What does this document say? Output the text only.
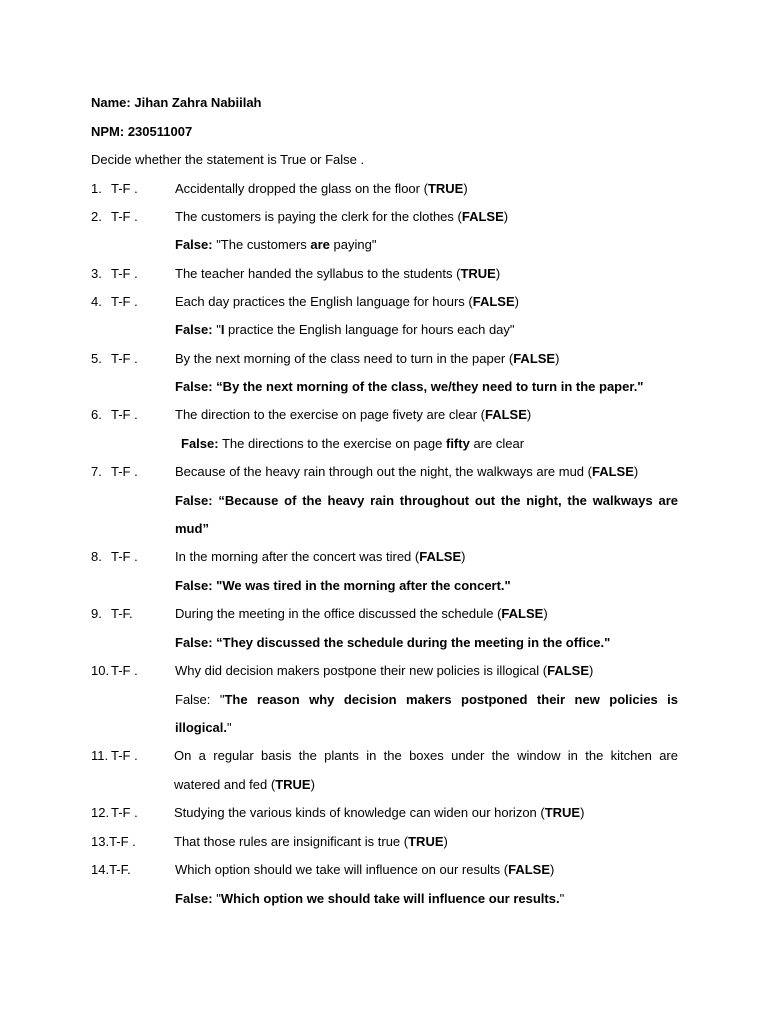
Name: Jihan Zahra Nabiilah
NPM: 230511007
Decide whether the statement is True or False .
1. T-F .	Accidentally dropped the glass on the floor (TRUE)
2. T-F .	The customers is paying the clerk for the clothes (FALSE)
False: "The customers are paying"
3. T-F .	The teacher handed the syllabus to the students (TRUE)
4. T-F .	Each day practices the English language for hours (FALSE)
False: "I practice the English language for hours each day"
5. T-F .	By the next morning of the class need to turn in the paper (FALSE)
False: “By the next morning of the class, we/they need to turn in the paper."
6. T-F .	The direction to the exercise on page fivety are clear (FALSE)
False: The directions to the exercise on page fifty are clear
7. T-F .	Because of the heavy rain through out the night, the walkways are mud (FALSE)
False: “Because of the heavy rain throughout out the night, the walkways are
mud”
8. T-F .	In the morning after the concert was tired (FALSE)
False: "We was tired in the morning after the concert."
9. T-F.	During the meeting in the office discussed the schedule (FALSE)
False: “They discussed the schedule during the meeting in the office."
10. T-F .	Why did decision makers postpone their new policies is illogical (FALSE)
False: "The reason why decision makers postponed their new policies is
illogical."
11. T-F .	On a regular basis the plants in the boxes under the window in the kitchen are
watered and fed (TRUE)
12. T-F .	Studying the various kinds of knowledge can widen our horizon (TRUE)
13.T-F .	That those rules are insignificant is true (TRUE)
14.T-F.	Which option should we take will influence on our results (FALSE)
False: "Which option we should take will influence our results."
